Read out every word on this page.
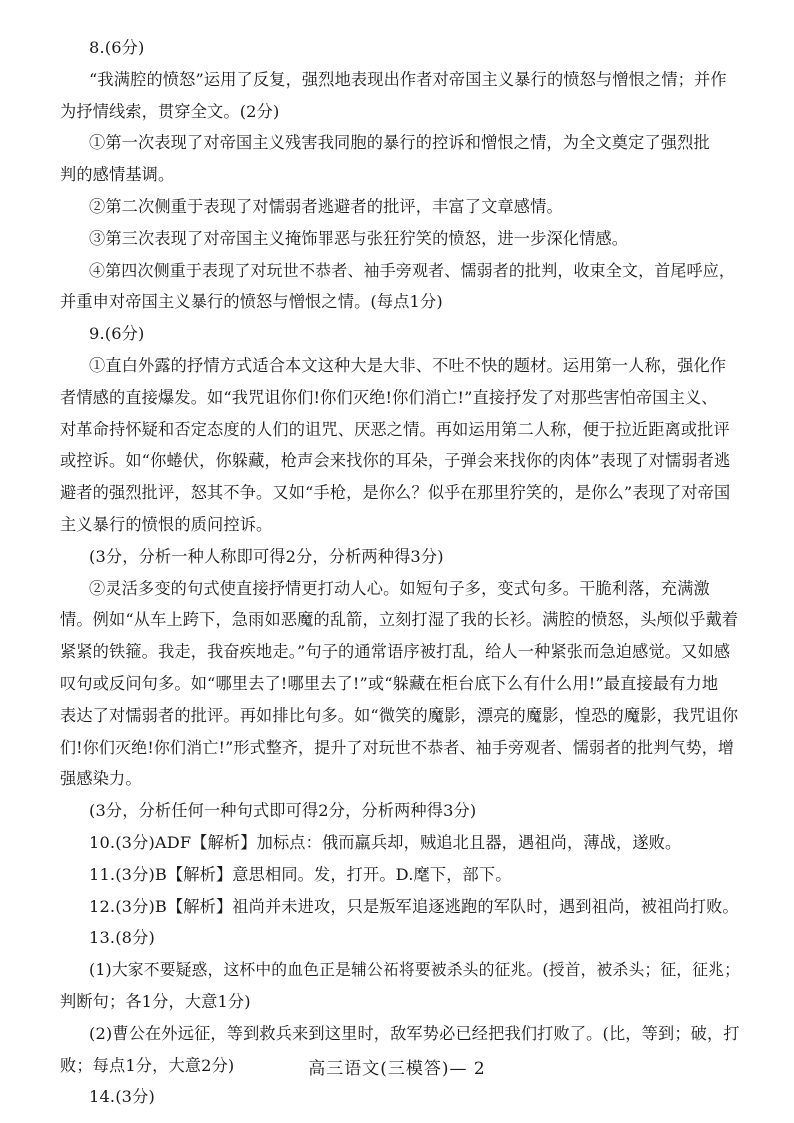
8.(6分)
“我满腔的愤怒”运用了反复，强烈地表现出作者对帝国主义暴行的愤怒与憎恨之情；并作
为抒情线索，贯穿全文。(2分)
①第一次表现了对帝国主义残害我同胞的暴行的控诉和憎恨之情，为全文奠定了强烈批
判的感情基调。
②第二次侧重于表现了对懦弱者逃避者的批评，丰富了文章感情。
③第三次表现了对帝国主义掩饰罪恶与张狂狞笑的愤怒，进一步深化情感。
④第四次侧重于表现了对玩世不恭者、袖手旁观者、懦弱者的批判，收束全文，首尾呼应，
并重申对帝国主义暴行的愤怒与憎恨之情。(每点1分)
9.(6分)
①直白外露的抒情方式适合本文这种大是大非、不吐不快的题材。运用第一人称，强化作
者情感的直接爆发。如“我咒诅你们!你们灭绝!你们消亡!”直接抒发了对那些害怕帝国主义、
对革命持怀疑和否定态度的人们的诅咒、厌恶之情。再如运用第二人称，便于拉近距离或批评
或控诉。如“你蜷伏，你躲藏，枪声会来找你的耳朵，子弹会来找你的肉体”表现了对懦弱者逃
避者的强烈批评，怒其不争。又如“手枪，是你么？似乎在那里狞笑的，是你么”表现了对帝国
主义暴行的愤恨的质问控诉。
(3分，分析一种人称即可得2分，分析两种得3分)
②灵活多变的句式使直接抒情更打动人心。如短句子多，变式句多。干脆利落，充满激
情。例如“从车上跨下，急雨如恶魔的乱箭，立刻打湿了我的长衫。满腔的愤怒，头颅似乎戴着
紧紧的铁箍。我走，我奋疾地走。”句子的通常语序被打乱，给人一种紧张而急迫感觉。又如感
叹句或反问句多。如“哪里去了!哪里去了!”或“躲藏在柜台底下么有什么用!”最直接最有力地
表达了对懦弱者的批评。再如排比句多。如“微笑的魔影，漂亮的魔影，惶恐的魔影，我咒诅你
们!你们灭绝!你们消亡!”形式整齐，提升了对玩世不恭者、袖手旁观者、懦弱者的批判气势，增
强感染力。
(3分，分析任何一种句式即可得2分，分析两种得3分)
10.(3分)ADF【解析】加标点：俄而羸兵却，贼追北且器，遇祖尚，薄战，遂败。
11.(3分)B【解析】意思相同。发，打开。D.麾下，部下。
12.(3分)B【解析】祖尚并未进攻，只是叛军追逐逃跑的军队时，遇到祖尚，被祖尚打败。
13.(8分)
(1)大家不要疑惑，这杯中的血色正是辅公祏将要被杀头的征兆。(授首，被杀头；征，征兆；
判断句；各1分，大意1分)
(2)曹公在外远征，等到救兵来到这里时，敌军势必已经把我们打败了。(比，等到；破，打
败；每点1分，大意2分)
14.(3分)
高三语文(三模答)— 2
